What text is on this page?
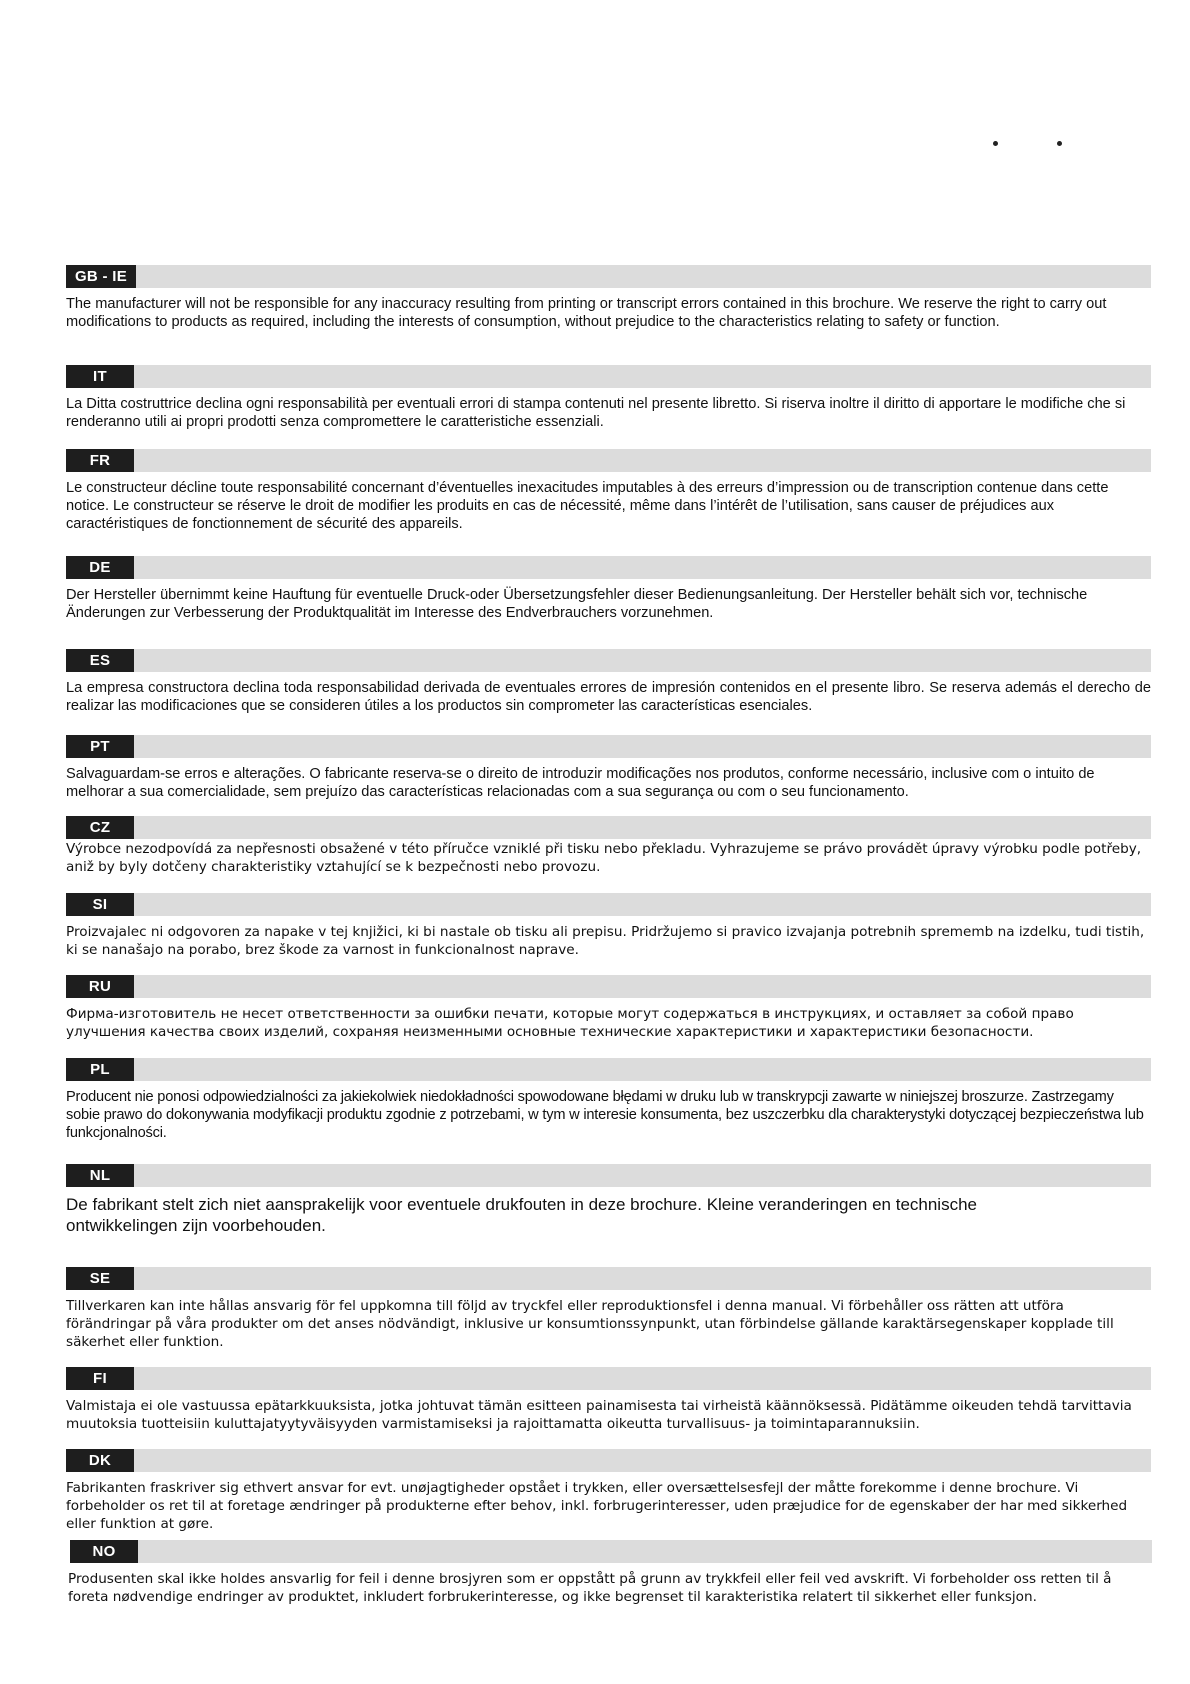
GB - IE

The manufacturer will not be responsible for any inaccuracy resulting from printing or transcript errors contained in this brochure. We reserve the right to carry out modifications to products as required, including the interests of consumption, without prejudice to the characteristics relating to safety or function.

IT

La Ditta costruttrice declina ogni responsabilità per eventuali errori di stampa contenuti nel presente libretto. Si riserva inoltre il diritto di apportare le modifiche che si renderanno utili ai propri prodotti senza compromettere le caratteristiche essenziali.

FR

Le constructeur décline toute responsabilité concernant d’éventuelles inexacitudes imputables à des erreurs d’impression ou de transcription contenue dans cette notice. Le constructeur se réserve le droit de modifier les produits en cas de nécessité, même dans l’intérêt de l’utilisation, sans causer de préjudices aux caractéristiques de fonctionnement de sécurité des appareils.

DE

Der Hersteller übernimmt keine Hauftung für eventuelle Druck-oder Übersetzungsfehler dieser Bedienungsanleitung. Der Hersteller behält sich vor, technische Änderungen zur Verbesserung der Produktqualität im Interesse des Endverbrauchers vorzunehmen.

ES

La empresa constructora declina toda responsabilidad derivada de eventuales errores de impresión contenidos en el presente libro. Se reserva además el derecho de realizar las modificaciones que se consideren útiles a los productos sin comprometer las características esenciales.

PT

Salvaguardam-se erros e alterações. O fabricante reserva-se o direito de introduzir modificações nos produtos, conforme necessário, inclusive com o intuito de melhorar a sua comercialidade, sem prejuízo das características relacionadas com a sua segurança ou com o seu funcionamento.

CZ

Výrobce nezodpovídá za nepřesnosti obsažené v této příručce vzniklé při tisku nebo překladu. Vyhrazujeme se právo provádět úpravy výrobku podle potřeby, aniž by byly dotčeny charakteristiky vztahující se k bezpečnosti nebo provozu.

SI

Proizvajalec ni odgovoren za napake v tej knjižici, ki bi nastale ob tisku ali prepisu. Pridržujemo si pravico izvajanja potrebnih sprememb na izdelku, tudi tistih, ki se nanašajo na porabo, brez škode za varnost in funkcionalnost naprave.

RU

Фирма-изготовитель не несет ответственности за ошибки печати, которые могут содержаться в инструкциях, и оставляет за собой право улучшения качества своих изделий, сохраняя неизменными основные технические характеристики и характеристики безопасности.

PL

Producent nie ponosi odpowiedzialności za jakiekolwiek niedokładności spowodowane błędami w druku lub w transkrypcji zawarte w niniejszej broszurze. Zastrzegamy sobie prawo do dokonywania modyfikacji produktu zgodnie z potrzebami, w tym w interesie konsumenta, bez uszczerbku dla charakterystyki dotyczącej bezpieczeństwa lub funkcjonalności.

NL

De fabrikant stelt zich niet aansprakelijk voor eventuele drukfouten in deze brochure. Kleine veranderingen en technische ontwikkelingen zijn voorbehouden.

SE

Tillverkaren kan inte hållas ansvarig för fel uppkomna till följd av tryckfel eller reproduktionsfel i denna manual. Vi förbehåller oss rätten att utföra förändringar på våra produkter om det anses nödvändigt, inklusive ur konsumtionssynpunkt, utan förbindelse gällande karaktärsegenskaper kopplade till säkerhet eller funktion.

FI

Valmistaja ei ole vastuussa epätarkkuuksista, jotka johtuvat tämän esitteen painamisesta tai virheistä käännöksessä. Pidätämme oikeuden tehdä tarvittavia muutoksia tuotteisiin kuluttajatyytyväisyyden varmistamiseksi ja rajoittamatta oikeutta turvallisuus- ja toimintaparannuksiin.

DK

Fabrikanten fraskriver sig ethvert ansvar for evt. unøjagtigheder opstået i trykken, eller oversættelsesfejl der måtte forekomme i denne brochure. Vi forbeholder os ret til at foretage ændringer på produkterne efter behov, inkl. forbrugerinteresser, uden præjudice for de egenskaber der har med sikkerhed eller funktion at gøre.

NO

Produsenten skal ikke holdes ansvarlig for feil i denne brosjyren som er oppstått på grunn av trykkfeil eller feil ved avskrift. Vi forbeholder oss retten til å foreta nødvendige endringer av produktet, inkludert forbrukerinteresse, og ikke begrenset til karakteristika relatert til sikkerhet eller funksjon.
